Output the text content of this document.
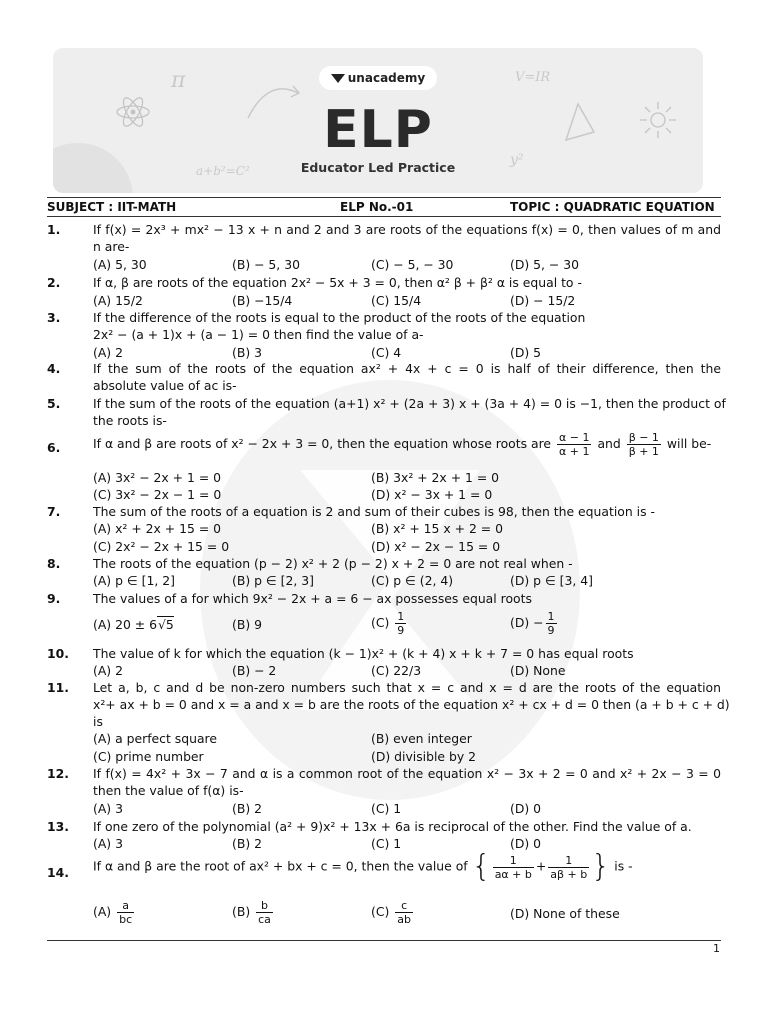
π	V=IR
a+b²=C²
y²
unacademy
ELP
Educator Led Practice
SUBJECT : IIT-MATH	ELP No.-01	TOPIC : QUADRATIC EQUATION
1.	If f(x) = 2x³ + mx² − 13 x + n and 2 and 3 are roots of the equations f(x) = 0, then values of m and
n are-
(A) 5, 30	(B) − 5, 30	(C) − 5, − 30	(D) 5, − 30
2.	If α, β are roots of the equation 2x² − 5x + 3 = 0, then α² β + β² α is equal to -
(A) 15/2	(B) −15/4	(C) 15/4	(D) − 15/2
3.	If the difference of the roots is equal to the product of the roots of the equation
2x² − (a + 1)x + (a − 1) = 0 then find the value of a-
(A) 2	(B) 3	(C) 4	(D) 5
4.	If the sum of the roots of the equation ax² + 4x + c = 0 is half of their difference, then the
absolute value of ac is-
5.	If the sum of the roots of the equation (a+1) x² + (2a + 3) x + (3a + 4) = 0 is −1, then the product of
the roots is-
6.	If α and β are roots of x² − 2x + 3 = 0, then the equation whose roots are $\frac{\alpha - 1}{\alpha + 1}$ and $\frac{\beta - 1}{\beta + 1}$ will be-
(A) 3x² − 2x + 1 = 0	(B) 3x² + 2x + 1 = 0
(C) 3x² − 2x − 1 = 0	(D) x² − 3x + 1 = 0
7.	The sum of the roots of a equation is 2 and sum of their cubes is 98, then the equation is -
(A) x² + 2x + 15 = 0	(B) x² + 15 x + 2 = 0
(C) 2x² − 2x + 15 = 0	(D) x² − 2x − 15 = 0
8.	The roots of the equation (p − 2) x² + 2 (p − 2) x + 2 = 0 are not real when -
(A) p ∈ [1, 2]	(B) p ∈ [2, 3]	(C) p ∈ (2, 4)	(D) p ∈ [3, 4]
9.	The values of a for which 9x² − 2x + a = 6 − ax possesses equal roots
(A) 20 ± 6√5	(B) 9	$(C) \frac{1}{9}$	$(D) - \frac{1}{9}$
10. The value of k for which the equation (k − 1)x² + (k + 4) x + k + 7 = 0 has equal roots
(A) 2	(B) − 2	(C) 22/3	(D) None
11. Let a, b, c and d be non-zero numbers such that x = c and x = d are the roots of the equation
x²+ ax + b = 0 and x = a and x = b are the roots of the equation x² + cx + d = 0 then (a + b + c + d)
is
(A) a perfect square	(B) even integer
(C) prime number	(D) divisible by 2
12. If f(x) = 4x² + 3x − 7 and α is a common root of the equation x² − 3x + 2 = 0 and x² + 2x − 3 = 0
then the value of f(α) is-
(A) 3	(B) 2	(C) 1	(D) 0
13. If one zero of the polynomial (a² + 9)x² + 13x + 6a is reciprocal of the other. Find the value of a.
(A) 3	(B) 2	(C) 1	(D) 0
14. If α and β are the root of ax² + bx + c = 0, then the value of { $\frac{1}{a\alpha + b} + \frac{1}{a\beta + b}$ } is -
$(A) \frac{a}{bc}$	$(B) \frac{b}{ca}$	$(C) \frac{c}{ab}$	(D) None of these
1
